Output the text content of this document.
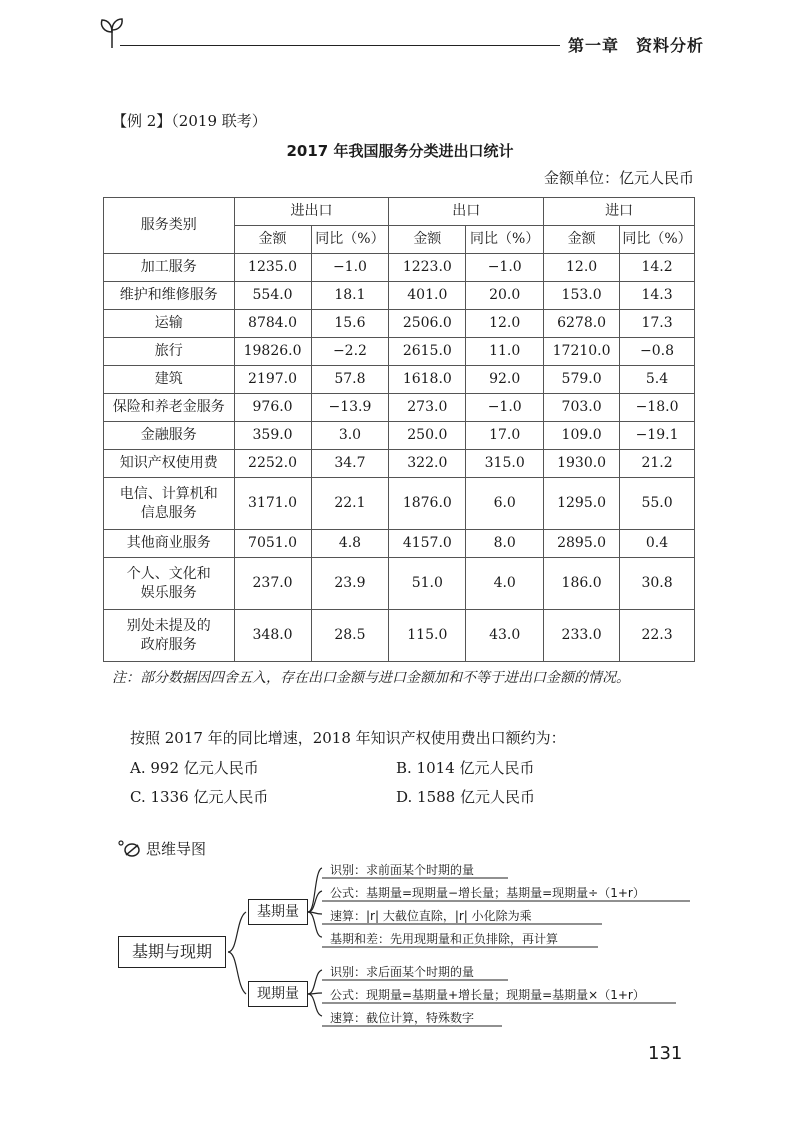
第一章　资料分析
【例 2】（2019 联考）
2017 年我国服务分类进出口统计
金额单位：亿元人民币
服务类别	进出口		出口		进口	
	金额	同比（%）	金额	同比（%）	金额	同比（%）

加工服务	1235.0	−1.0	1223.0	−1.0	12.0	14.2

维护和维修服务	554.0	18.1	401.0	20.0	153.0	14.3

运输	8784.0	15.6	2506.0	12.0	6278.0	17.3

旅行	19826.0	−2.2	2615.0	11.0	17210.0	−0.8

建筑	2197.0	57.8	1618.0	92.0	579.0	5.4

保险和养老金服务	976.0	−13.9	273.0	−1.0	703.0	−18.0

金融服务	359.0	3.0	250.0	17.0	109.0	−19.1

知识产权使用费	2252.0	34.7	322.0	315.0	1930.0	21.2

电信、计算机和
信息服务	3171.0	22.1	1876.0	6.0	1295.0	55.0

其他商业服务	7051.0	4.8	4157.0	8.0	2895.0	0.4

个人、文化和
娱乐服务	237.0	23.9	51.0	4.0	186.0	30.8

别处未提及的
政府服务	348.0	28.5	115.0	43.0	233.0	22.3
注：部分数据因四舍五入，存在出口金额与进口金额加和不等于进出口金额的情况。
按照 2017 年的同比增速，2018 年知识产权使用费出口额约为：
A. 992 亿元人民币	B. 1014 亿元人民币
C. 1336 亿元人民币	D. 1588 亿元人民币
思维导图
基期与现期
基期量
现期量
识别：求前面某个时期的量
公式：基期量=现期量−增长量；基期量=现期量÷（1+r）
速算：|r| 大截位直除，|r| 小化除为乘
基期和差：先用现期量和正负排除，再计算
识别：求后面某个时期的量
公式：现期量=基期量+增长量；现期量=基期量×（1+r）
速算：截位计算，特殊数字
131
